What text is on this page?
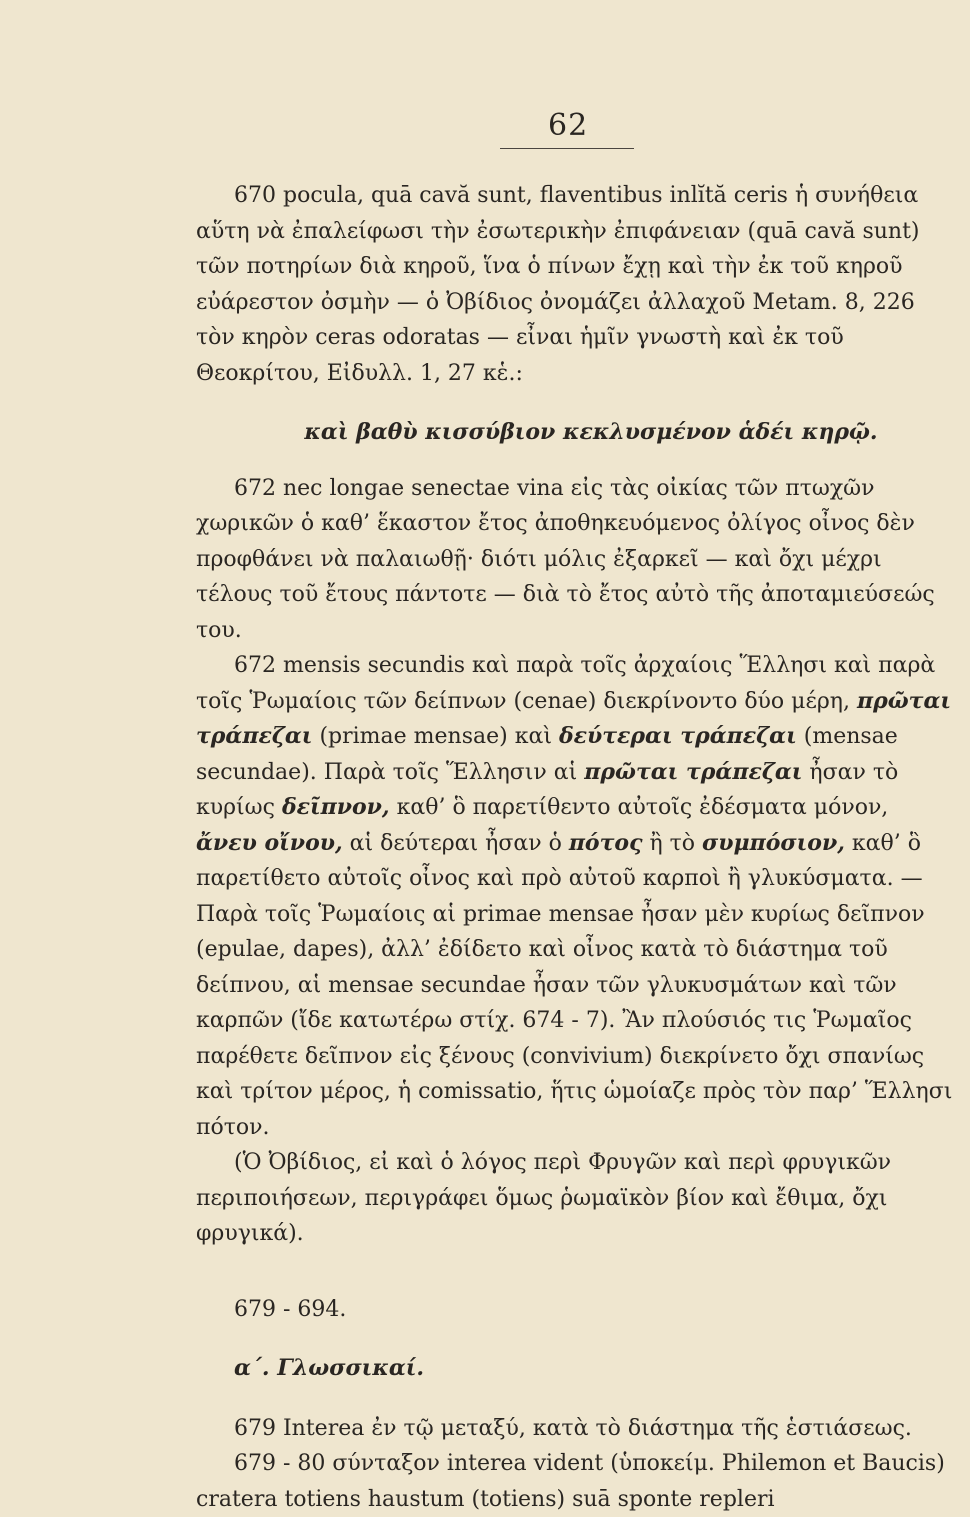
62

670 pocula, quā cavă sunt, flaventibus inlĭtă ceris ἡ συνήθεια αὕτη νὰ ἐπαλείφωσι τὴν ἐσωτερικὴν ἐπιφάνειαν (quā cavă sunt) τῶν ποτηρίων διὰ κηροῦ, ἵνα ὁ πίνων ἔχῃ καὶ τὴν ἐκ τοῦ κηροῦ εὐάρεστον ὀσμὴν — ὁ Ὀβίδιος ὀνομάζει ἀλλαχοῦ Metam. 8, 226 τὸν κηρὸν ceras odoratas — εἶναι ἡμῖν γνωστὴ καὶ ἐκ τοῦ Θεοκρίτου, Εἰδυλλ. 1, 27 κἑ.:

καὶ βαθὺ κισσύβιον κεκλυσμένον ἁδέι κηρῷ.

672 nec longae senectae vina εἰς τὰς οἰκίας τῶν πτωχῶν χωρικῶν ὁ καθ’ ἕκαστον ἔτος ἀποθηκευόμενος ὀλίγος οἶνος δὲν προφθάνει νὰ παλαιωθῇ· διότι μόλις ἐξαρκεῖ — καὶ ὄχι μέχρι τέλους τοῦ ἔτους πάντοτε — διὰ τὸ ἔτος αὐτὸ τῆς ἀποταμιεύσεώς του.

672 mensis secundis καὶ παρὰ τοῖς ἀρχαίοις Ἕλλησι καὶ παρὰ τοῖς Ῥωμαίοις τῶν δείπνων (cenae) διεκρίνοντο δύο μέρη, πρῶται τράπεζαι (primae mensae) καὶ δεύτεραι τράπεζαι (mensae secundae). Παρὰ τοῖς Ἕλλησιν αἱ πρῶται τράπεζαι ἦσαν τὸ κυρίως δεῖπνον, καθ’ ὃ παρετίθεντο αὐτοῖς ἐδέσματα μόνον, ἄνευ οἴνου, αἱ δεύτεραι ἦσαν ὁ πότος ἢ τὸ συμπόσιον, καθ’ ὃ παρετίθετο αὐτοῖς οἶνος καὶ πρὸ αὐτοῦ καρποὶ ἢ γλυκύσματα. — Παρὰ τοῖς Ῥωμαίοις αἱ primae mensae ἦσαν μὲν κυρίως δεῖπνον (epulae, dapes), ἀλλ’ ἐδίδετο καὶ οἶνος κατὰ τὸ διάστημα τοῦ δείπνου, αἱ mensae secundae ἦσαν τῶν γλυκυσμάτων καὶ τῶν καρπῶν (ἴδε κατωτέρω στίχ. 674 - 7). Ἂν πλούσιός τις Ῥωμαῖος παρέθετε δεῖπνον εἰς ξένους (convivium) διεκρίνετο ὄχι σπανίως καὶ τρίτον μέρος, ἡ comissatio, ἥτις ὡμοίαζε πρὸς τὸν παρ’ Ἕλλησι πότον.

(Ὁ Ὀβίδιος, εἰ καὶ ὁ λόγος περὶ Φρυγῶν καὶ περὶ φρυγικῶν περιποιήσεων, περιγράφει ὅμως ῥωμαϊκὸν βίον καὶ ἔθιμα, ὄχι φρυγικά).

679 - 694.

α΄. Γλωσσικαί.

679 Interea ἐν τῷ μεταξύ, κατὰ τὸ διάστημα τῆς ἑστιάσεως.

679 - 80 σύνταξον interea vident (ὑποκείμ. Philemon et Baucis) cratera totiens haustum (totiens) suā sponte repleri
